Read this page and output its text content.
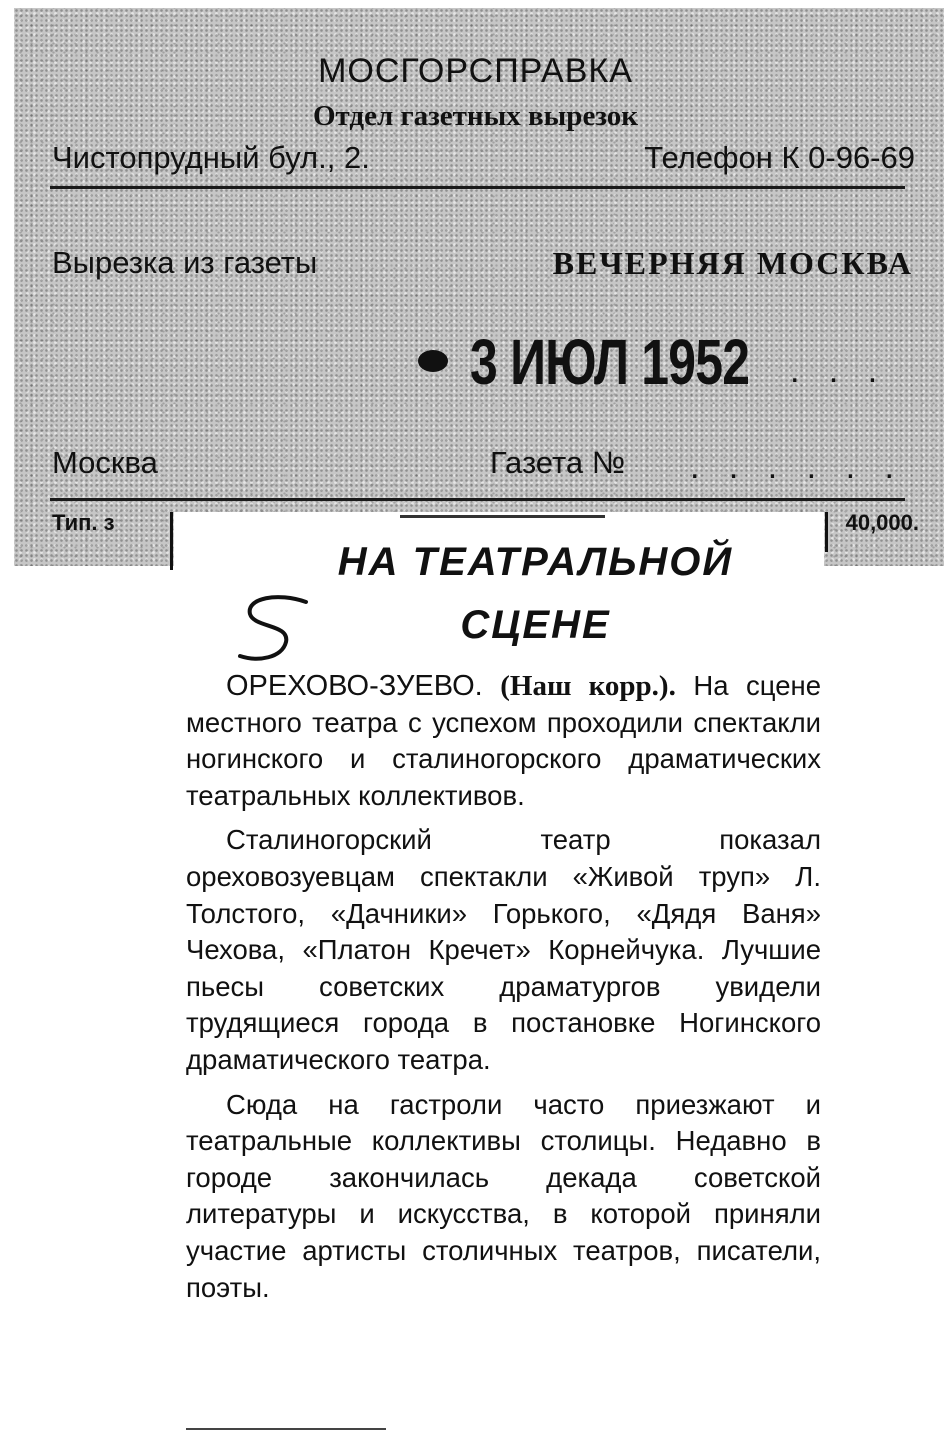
МОСГОРСПРАВКА
Отдел газетных вырезок
Чистопрудный бул., 2.	Телефон К 0-96-69
Вырезка из газеты	ВЕЧЕРНЯЯ МОСКВА
3 ИЮЛ 1952 . . .
Москва	Газета № . . . . . .
Тип. з	40,000.
НА ТЕАТРАЛЬНОЙ
СЦЕНЕ

ОРЕХОВО-ЗУЕВО. (Наш корр.). На сцене местного театра с успехом проходили спектакли ногинского и сталиногорского драматических театральных коллективов.

Сталиногорский театр показал ореховозуевцам спектакли «Живой труп» Л. Толстого, «Дачники» Горького, «Дядя Ваня» Чехова, «Платон Кречет» Корнейчука. Лучшие пьесы советских драматургов увидели трудящиеся города в постановке Ногинского драматического театра.

Сюда на гастроли часто приезжают и театральные коллективы столицы. Недавно в городе закончилась декада советской литературы и искусства, в которой приняли участие артисты столичных театров, писатели, поэты.
